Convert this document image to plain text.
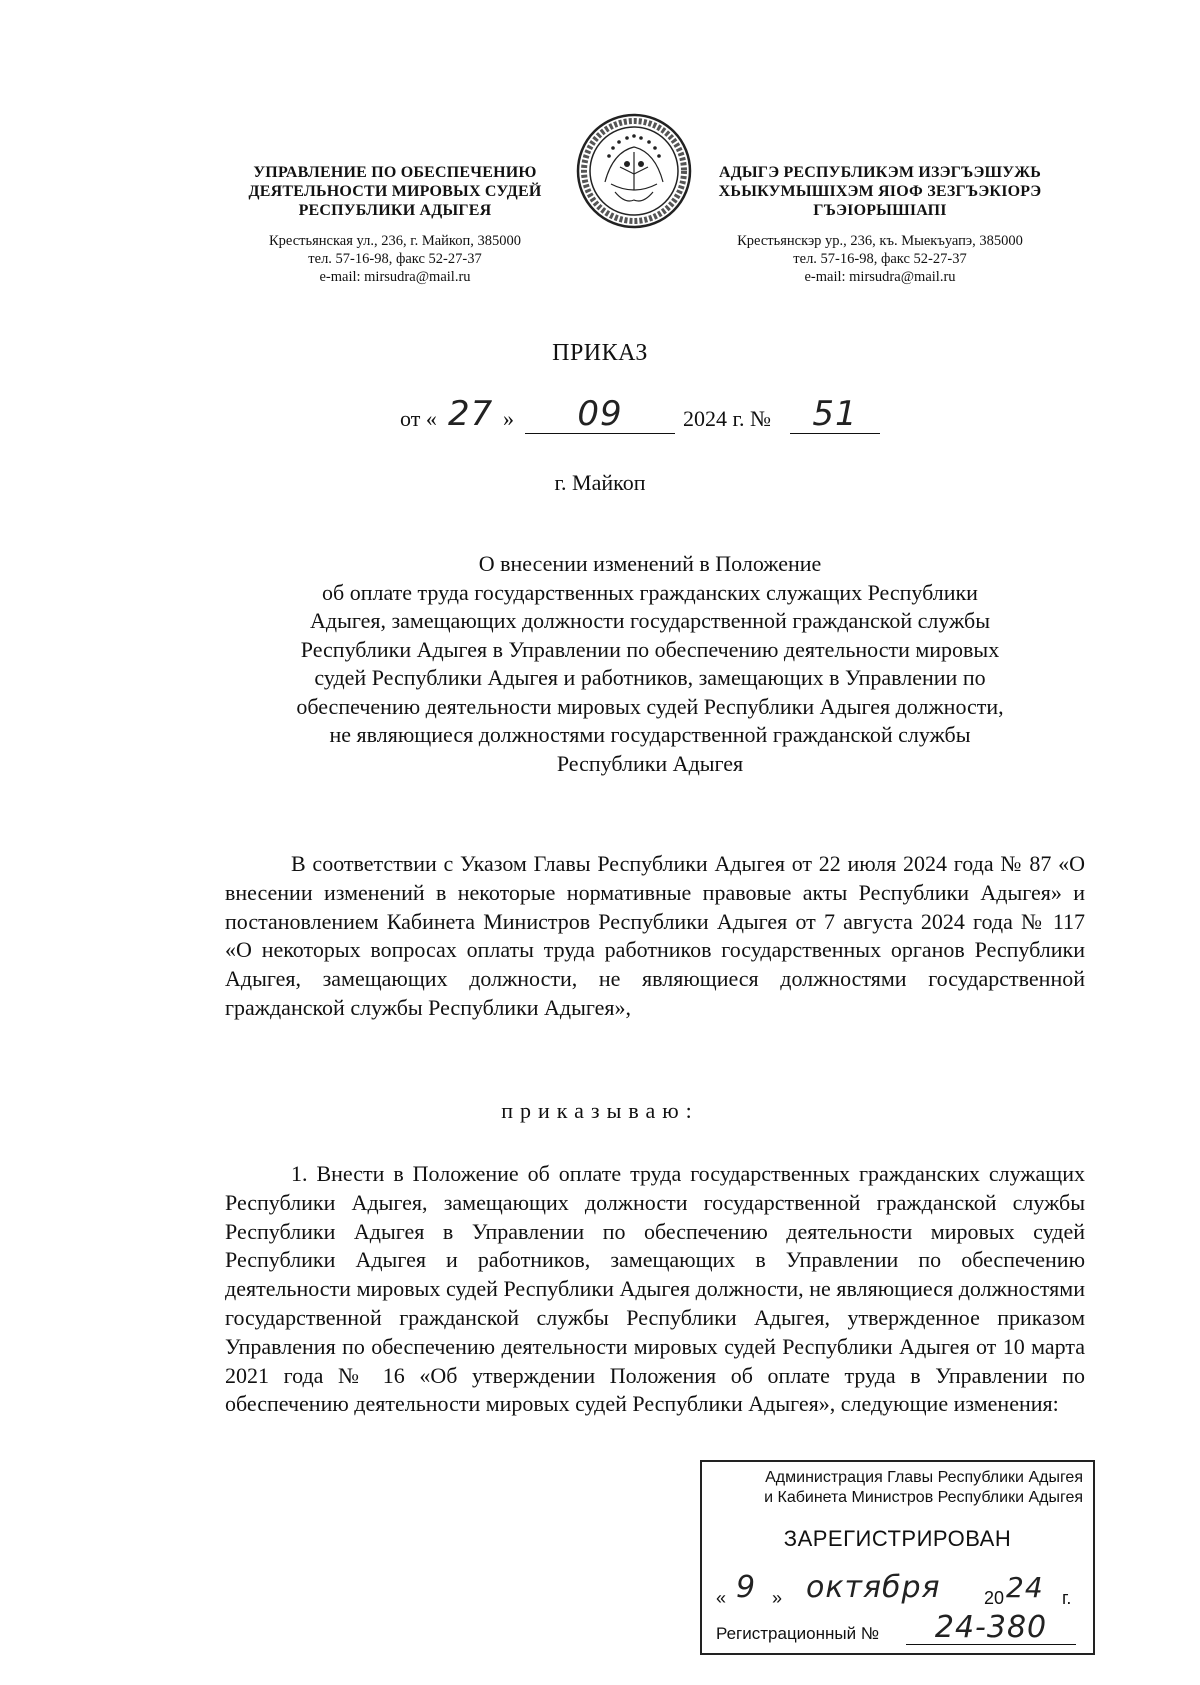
УПРАВЛЕНИЕ ПО ОБЕСПЕЧЕНИЮ
ДЕЯТЕЛЬНОСТИ МИРОВЫХ СУДЕЙ
РЕСПУБЛИКИ АДЫГЕЯ
Крестьянская ул., 236, г. Майкоп, 385000
тел. 57-16-98, факс 52-27-37
e-mail: mirsudra@mail.ru
АДЫГЭ РЕСПУБЛИКЭМ ИЗЭГЪЭШУЖЬ
ХЬЫКУМЫШІХЭМ ЯІОФ ЗЕЗГЪЭКІОРЭ
ГЪЭІОРЫШІАПІ
Крестьянскэр ур., 236, къ. Мыекъуапэ, 385000
тел. 57-16-98, факс 52-27-37
e-mail: mirsudra@mail.ru
ПРИКАЗ
от « 27 »	09	2024 г. №	51
г. Майкоп
О внесении изменений в Положение
об оплате труда государственных гражданских служащих Республики
Адыгея, замещающих должности государственной гражданской службы
Республики Адыгея в Управлении по обеспечению деятельности мировых
судей Республики Адыгея и работников, замещающих в Управлении по
обеспечению деятельности мировых судей Республики Адыгея должности,
не являющиеся должностями государственной гражданской службы
Республики Адыгея
В соответствии с Указом Главы Республики Адыгея от 22 июля 2024 года № 87 «О внесении изменений в некоторые нормативные правовые акты Республики Адыгея» и постановлением Кабинета Министров Республики Адыгея от 7 августа 2024 года № 117 «О некоторых вопросах оплаты труда работников государственных органов Республики Адыгея, замещающих должности, не являющиеся должностями государственной гражданской службы Республики Адыгея»,
приказываю:
1. Внести в Положение об оплате труда государственных гражданских служащих Республики Адыгея, замещающих должности государственной гражданской службы Республики Адыгея в Управлении по обеспечению деятельности мировых судей Республики Адыгея и работников, замещающих в Управлении по обеспечению деятельности мировых судей Республики Адыгея должности, не являющиеся должностями государственной гражданской службы Республики Адыгея, утвержденное приказом Управления по обеспечению деятельности мировых судей Республики Адыгея от 10 марта 2021 года № 16 «Об утверждении Положения об оплате труда в Управлении по обеспечению деятельности мировых судей Республики Адыгея», следующие изменения:
Администрация Главы Республики Адыгея
и Кабинета Министров Республики Адыгея
ЗАРЕГИСТРИРОВАН
« 9 » октября 20 24 г.
Регистрационный №	24-380
